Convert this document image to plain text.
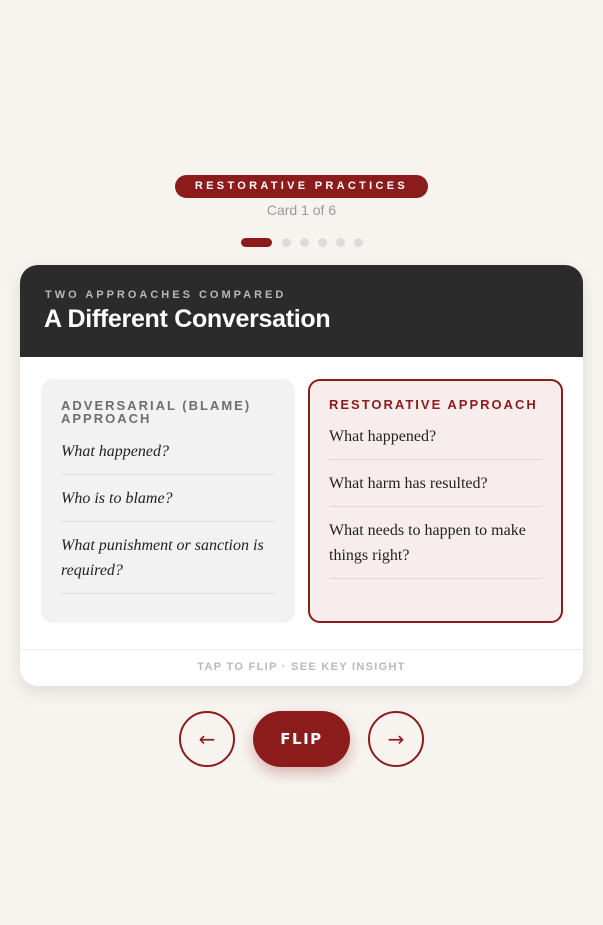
RESTORATIVE PRACTICES
Card 1 of 6
TWO APPROACHES COMPARED
A Different Conversation
ADVERSARIAL (BLAME) APPROACH
What happened?
Who is to blame?
What punishment or sanction is required?
RESTORATIVE APPROACH
What happened?
What harm has resulted?
What needs to happen to make things right?
TAP TO FLIP · SEE KEY INSIGHT
←	FLIP	→
